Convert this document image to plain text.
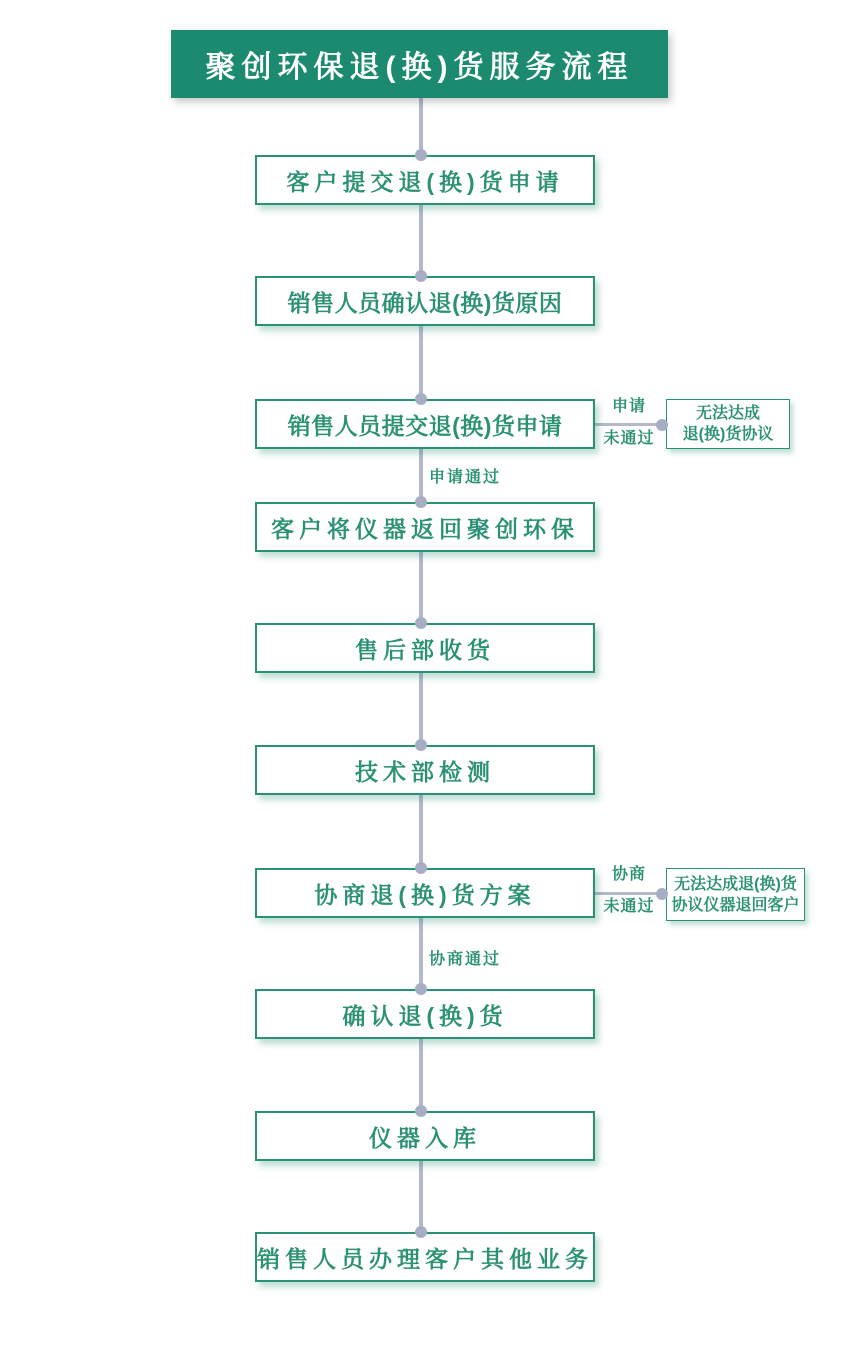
聚创环保退(换)货服务流程
客户提交退(换)货申请
销售人员确认退(换)货原因
销售人员提交退(换)货申请
客户将仪器返回聚创环保
售后部收货
技术部检测
协商退(换)货方案
确认退(换)货
仪器入库
销售人员办理客户其他业务
无法达成
退(换)货协议
无法达成退(换)货
协议仪器退回客户
申请
未通过
协商
未通过
申请通过
协商通过
